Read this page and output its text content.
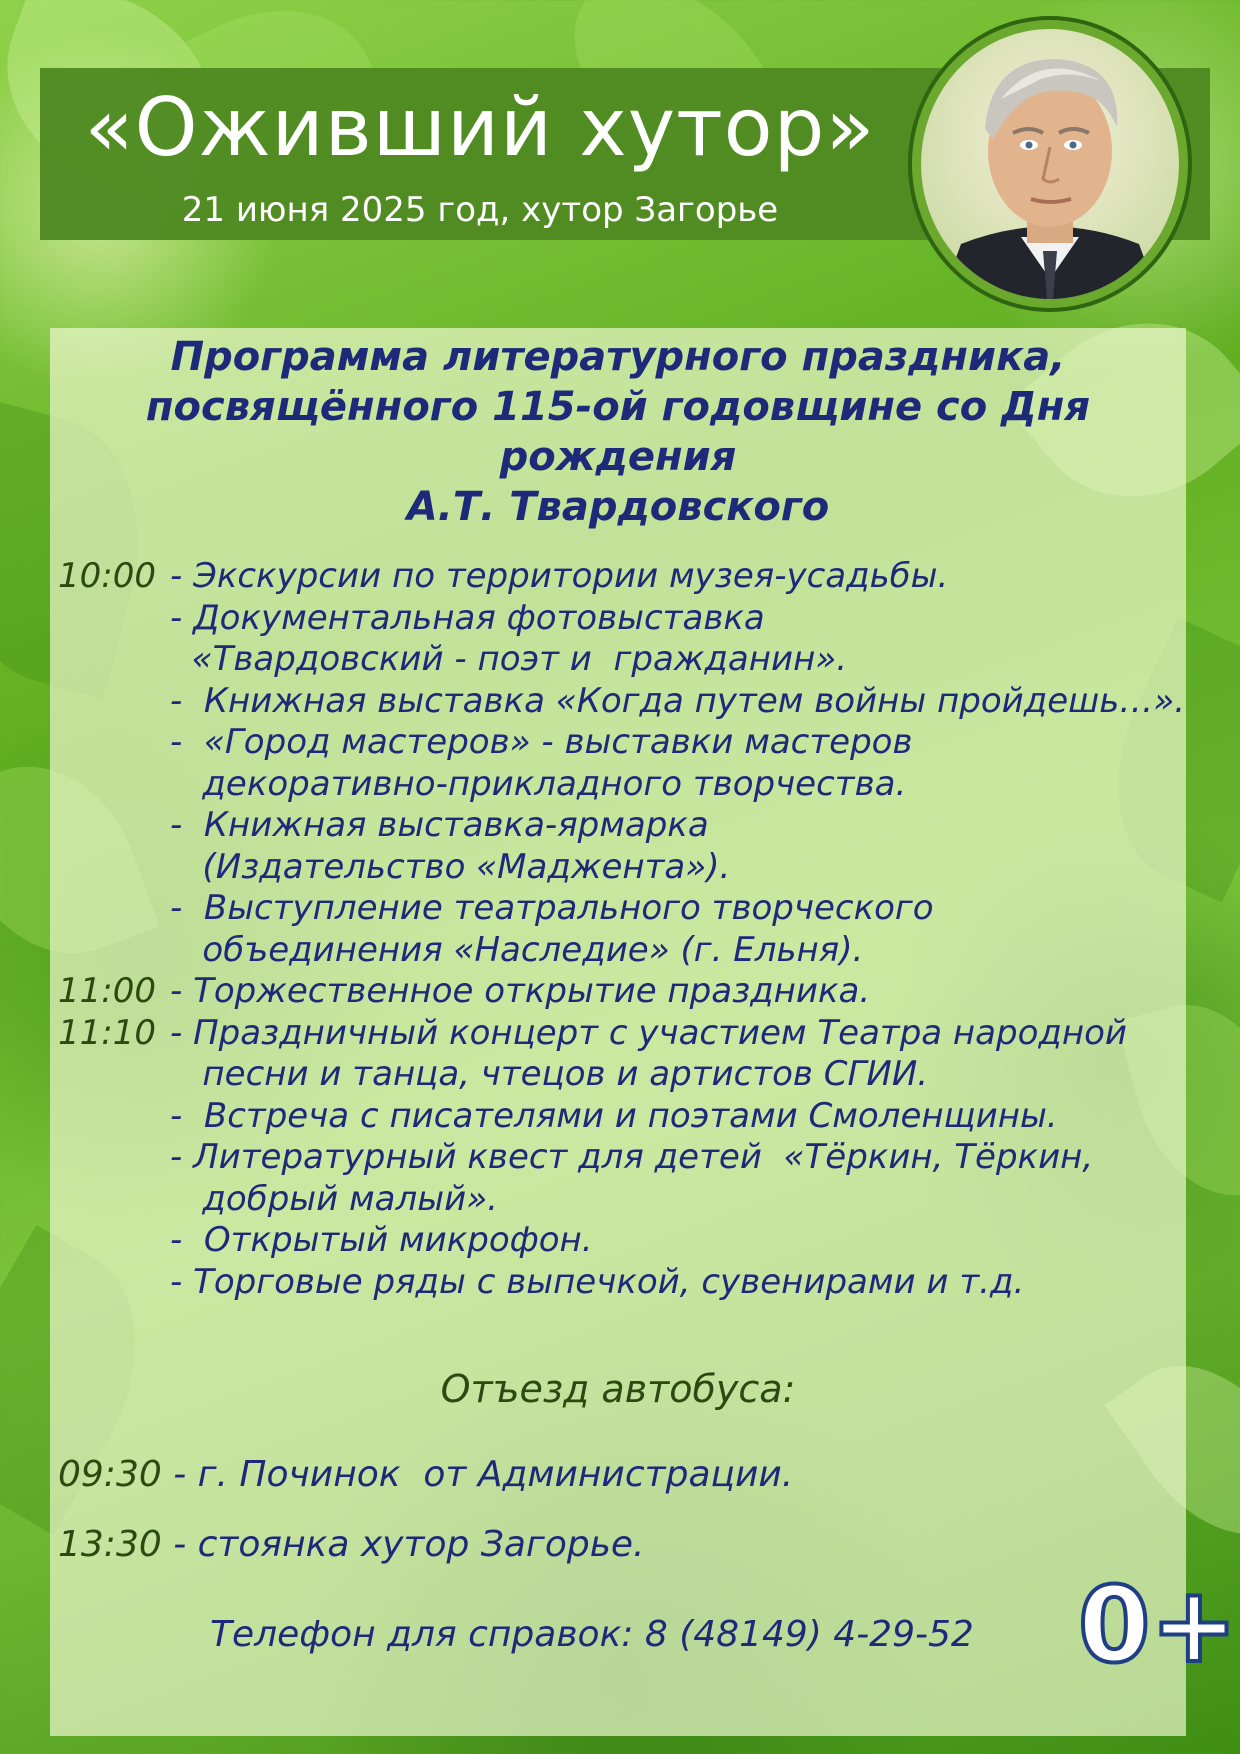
«Оживший хутор»
21 июня 2025 год, хутор Загорье
Программа литературного праздника,
посвящённого 115-ой годовщине со Дня рождения
А.Т. Твардовского
10:00 - Экскурсии по территории музея-усадьбы.
- Документальная фотовыставка
«Твардовский - поэт и  гражданин».
-  Книжная выставка «Когда путем войны пройдешь…».
-  «Город мастеров» - выставки мастеров
декоративно-прикладного творчества.
-  Книжная выставка-ярмарка
(Издательство «Маджента»).
-  Выступление театрального творческого
объединения «Наследие» (г. Ельня).
11:00 - Торжественное открытие праздника.
11:10 - Праздничный концерт с участием Театра народной
песни и танца, чтецов и артистов СГИИ.
-  Встреча с писателями и поэтами Смоленщины.
- Литературный квест для детей  «Тёркин, Тёркин,
добрый малый».
-  Открытый микрофон.
- Торговые ряды с выпечкой, сувенирами и т.д.
Отъезд автобуса:
09:30 - г. Починок  от Администрации.
13:30 - стоянка хутор Загорье.
Телефон для справок: 8 (48149) 4-29-52 0+
